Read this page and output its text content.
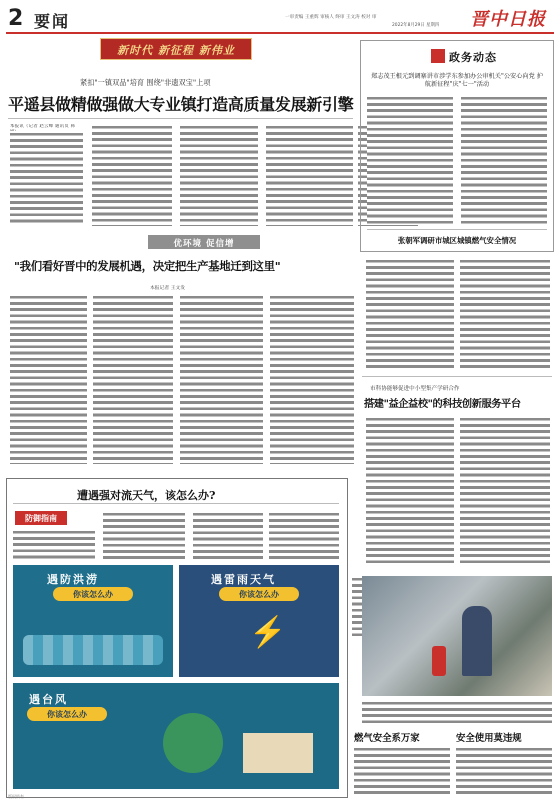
2 要闻	一审责编 王重辉 审核人 终审 王文涛 校对 审
2022年8月29日 星期四 晋中日报
新时代 新征程 新伟业
紧扣"一镇双品"培育 围绕"非遗双宝"上项
平遥县做精做强做大专业镇打造高质量发展新引擎
本报讯（记者 赵云峰 通讯员 韩
政务动态
郑志茂王根元到调寨讲市涉学东参加办公审机关"公安心向党 护航新征程"庆"七一"活动
张朝军调研市城区城镇燃气安全情况
优环境 促信增
"我们看好晋中的发展机遇，决定把生产基地迁到这里"
本报记者 王文发
市科协能够促进中小型集产学研合作
搭建"益企益校"的科技创新服务平台
遭遇强对流天气，该怎么办?
防御指南
遇防洪涝
你该怎么办
遇雷雨天气
你该怎么办
⚡
遇台风
你该怎么办
燃气安全系万家	安全使用莫违规
版权所有
